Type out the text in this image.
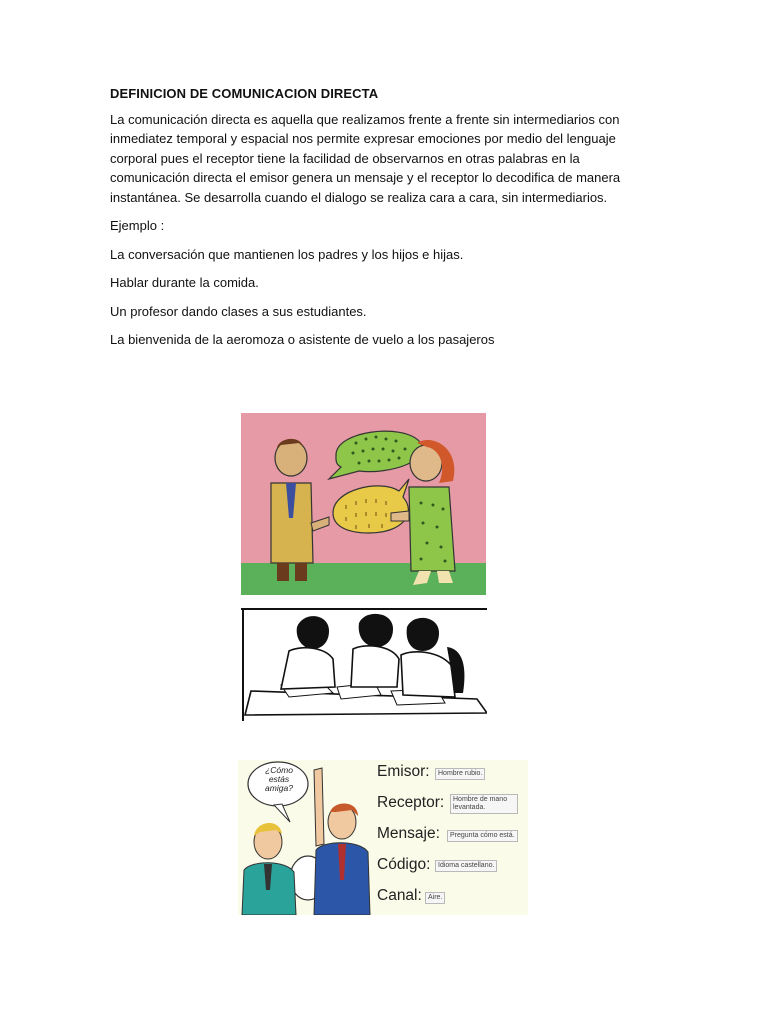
DEFINICION DE COMUNICACION DIRECTA
La comunicación directa es aquella que realizamos frente a frente sin intermediarios con inmediatez temporal y espacial nos permite expresar emociones por medio del lenguaje corporal pues el receptor tiene la facilidad de observarnos en otras palabras en la comunicación directa el emisor genera un mensaje y el receptor lo decodifica de manera instantánea. Se desarrolla cuando el dialogo se realiza cara a cara, sin intermediarios.
Ejemplo :
La conversación que mantienen los padres y los hijos e hijas.
Hablar durante la comida.
Un profesor dando clases a sus estudiantes.
La bienvenida de la aeromoza o asistente de vuelo a los pasajeros
¿Cómo estás amiga?
Emisor:	Hombre rubio.
Receptor:	Hombre de mano levantada.
Mensaje:	Pregunta cómo está.
Código:	Idioma castellano.
Canal: Aire.
